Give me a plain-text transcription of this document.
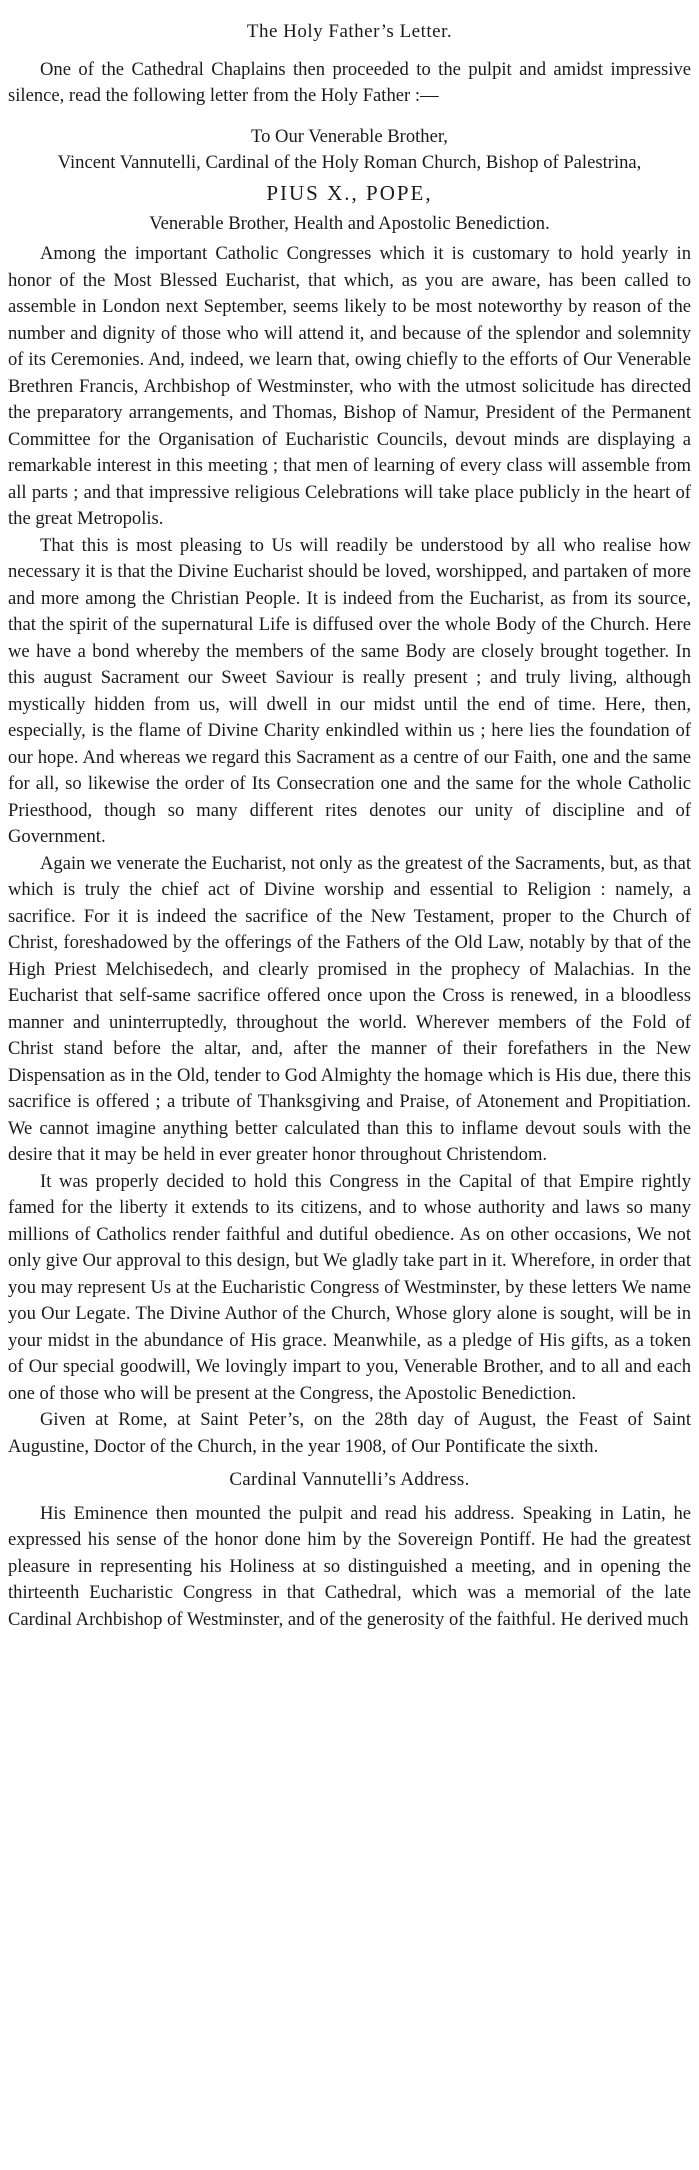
The Holy Father’s Letter.

One of the Cathedral Chaplains then proceeded to the pulpit and amidst impressive silence, read the following letter from the Holy Father :—

To Our Venerable Brother,

Vincent Vannutelli, Cardinal of the Holy Roman Church, Bishop of Palestrina,

PIUS X., POPE,

Venerable Brother, Health and Apostolic Benediction.

Among the important Catholic Congresses which it is customary to hold yearly in honor of the Most Blessed Eucharist, that which, as you are aware, has been called to assemble in London next September, seems likely to be most noteworthy by reason of the number and dignity of those who will attend it, and because of the splendor and solemnity of its Ceremonies. And, indeed, we learn that, owing chiefly to the efforts of Our Venerable Brethren Francis, Archbishop of Westminster, who with the utmost solicitude has directed the preparatory arrangements, and Thomas, Bishop of Namur, President of the Permanent Committee for the Organisation of Eucharistic Councils, devout minds are displaying a remarkable interest in this meeting ; that men of learning of every class will assemble from all parts ; and that impressive religious Celebrations will take place publicly in the heart of the great Metropolis.

That this is most pleasing to Us will readily be understood by all who realise how necessary it is that the Divine Eucharist should be loved, worshipped, and partaken of more and more among the Christian People. It is indeed from the Eucharist, as from its source, that the spirit of the supernatural Life is diffused over the whole Body of the Church. Here we have a bond whereby the members of the same Body are closely brought together. In this august Sacrament our Sweet Saviour is really present ; and truly living, although mystically hidden from us, will dwell in our midst until the end of time. Here, then, especially, is the flame of Divine Charity enkindled within us ; here lies the foundation of our hope. And whereas we regard this Sacrament as a centre of our Faith, one and the same for all, so likewise the order of Its Consecration one and the same for the whole Catholic Priesthood, though so many different rites denotes our unity of discipline and of Government.

Again we venerate the Eucharist, not only as the greatest of the Sacraments, but, as that which is truly the chief act of Divine worship and essential to Religion : namely, a sacrifice. For it is indeed the sacrifice of the New Testament, proper to the Church of Christ, foreshadowed by the offerings of the Fathers of the Old Law, notably by that of the High Priest Melchisedech, and clearly promised in the prophecy of Malachias. In the Eucharist that self-same sacrifice offered once upon the Cross is renewed, in a bloodless manner and uninterruptedly, throughout the world. Wherever members of the Fold of Christ stand before the altar, and, after the manner of their forefathers in the New Dispensation as in the Old, tender to God Almighty the homage which is His due, there this sacrifice is offered ; a tribute of Thanksgiving and Praise, of Atonement and Propitiation. We cannot imagine anything better calculated than this to inflame devout souls with the desire that it may be held in ever greater honor throughout Christendom.

It was properly decided to hold this Congress in the Capital of that Empire rightly famed for the liberty it extends to its citizens, and to whose authority and laws so many millions of Catholics render faithful and dutiful obedience. As on other occasions, We not only give Our approval to this design, but We gladly take part in it. Wherefore, in order that you may represent Us at the Eucharistic Congress of Westminster, by these letters We name you Our Legate. The Divine Author of the Church, Whose glory alone is sought, will be in your midst in the abundance of His grace. Meanwhile, as a pledge of His gifts, as a token of Our special goodwill, We lovingly impart to you, Venerable Brother, and to all and each one of those who will be present at the Congress, the Apostolic Benediction.

Given at Rome, at Saint Peter’s, on the 28th day of August, the Feast of Saint Augustine, Doctor of the Church, in the year 1908, of Our Pontificate the sixth.

Cardinal Vannutelli’s Address.

His Eminence then mounted the pulpit and read his address. Speaking in Latin, he expressed his sense of the honor done him by the Sovereign Pontiff. He had the greatest pleasure in representing his Holiness at so distinguished a meeting, and in opening the thirteenth Eucharistic Congress in that Cathedral, which was a memorial of the late Cardinal Archbishop of Westminster, and of the generosity of the faithful. He derived much
